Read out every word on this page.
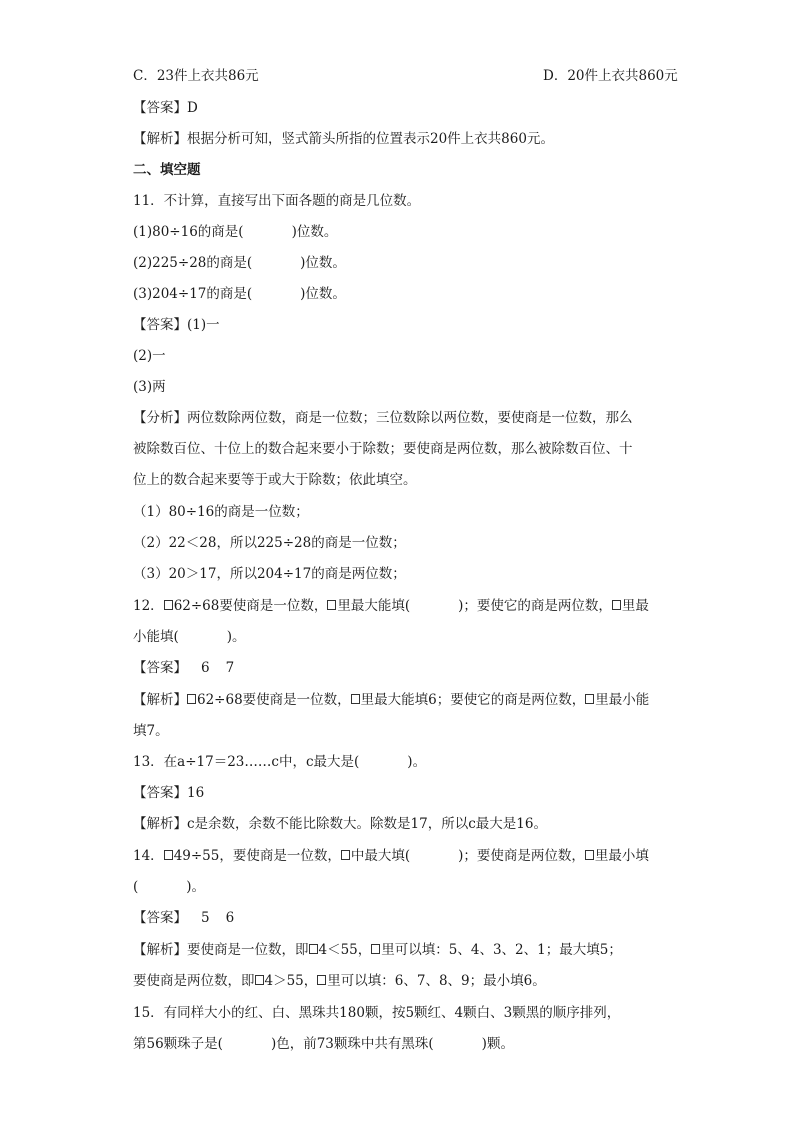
C．23件上衣共86元	D．20件上衣共860元

【答案】D

【解析】根据分析可知，竖式箭头所指的位置表示20件上衣共860元。

二、填空题

11．不计算，直接写出下面各题的商是几位数。

(1)80÷16的商是(	)位数。

(2)225÷28的商是(	)位数。

(3)204÷17的商是(	)位数。

【答案】(1)一

(2)一

(3)两

【分析】两位数除两位数，商是一位数；三位数除以两位数，要使商是一位数，那么

被除数百位、十位上的数合起来要小于除数；要使商是两位数，那么被除数百位、十

位上的数合起来要等于或大于除数；依此填空。

（1）80÷16的商是一位数；

（2）22＜28，所以225÷28的商是一位数；

（3）20＞17，所以204÷17的商是两位数；

12． 62÷68要使商是一位数， 里最大能填(	)；要使它的商是两位数， 里最

小能填(	)。

【答案】 6 7

【解析】 62÷68要使商是一位数， 里最大能填6；要使它的商是两位数， 里最小能

填7。

13．在a÷17＝23……c中，c最大是(	)。

【答案】16

【解析】c是余数，余数不能比除数大。除数是17，所以c最大是16。

14． 49÷55，要使商是一位数， 中最大填(	)；要使商是两位数， 里最小填

(	)。

【答案】 5 6

【解析】要使商是一位数，即 4＜55， 里可以填：5、4、3、2、1；最大填5；

要使商是两位数，即 4＞55， 里可以填：6、7、8、9；最小填6。

15．有同样大小的红、白、黑珠共180颗，按5颗红、4颗白、3颗黑的顺序排列，

第56颗珠子是(	)色，前73颗珠中共有黑珠(	)颗。
